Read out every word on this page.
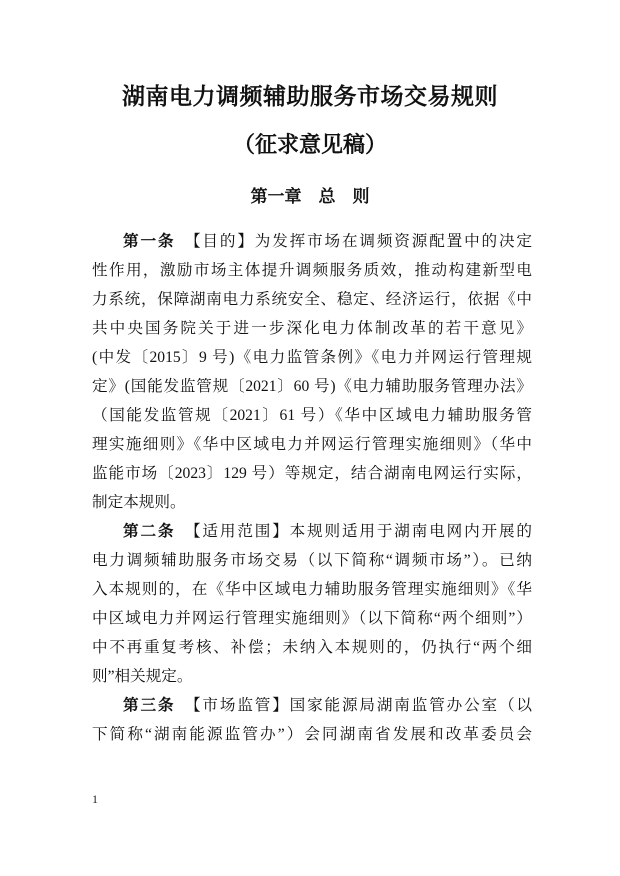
湖南电力调频辅助服务市场交易规则
（征求意见稿）
第一章　总　则
第一条　【目的】为发挥市场在调频资源配置中的决定
性作用，激励市场主体提升调频服务质效，推动构建新型电
力系统，保障湖南电力系统安全、稳定、经济运行，依据《中
共中央国务院关于进一步深化电力体制改革的若干意见》
(中发〔2015〕9 号)《电力监管条例》《电力并网运行管理规
定》(国能发监管规〔2021〕60 号)《电力辅助服务管理办法》
（国能发监管规〔2021〕61 号）《华中区域电力辅助服务管
理实施细则》《华中区域电力并网运行管理实施细则》（华中
监能市场〔2023〕129 号）等规定，结合湖南电网运行实际，
制定本规则。
第二条　【适用范围】本规则适用于湖南电网内开展的
电力调频辅助服务市场交易（以下简称“调频市场”）。已纳
入本规则的，在《华中区域电力辅助服务管理实施细则》《华
中区域电力并网运行管理实施细则》（以下简称“两个细则”）
中不再重复考核、补偿；未纳入本规则的，仍执行“两个细
则”相关规定。
第三条　【市场监管】国家能源局湖南监管办公室（以
下简称“湖南能源监管办”）会同湖南省发展和改革委员会
1
